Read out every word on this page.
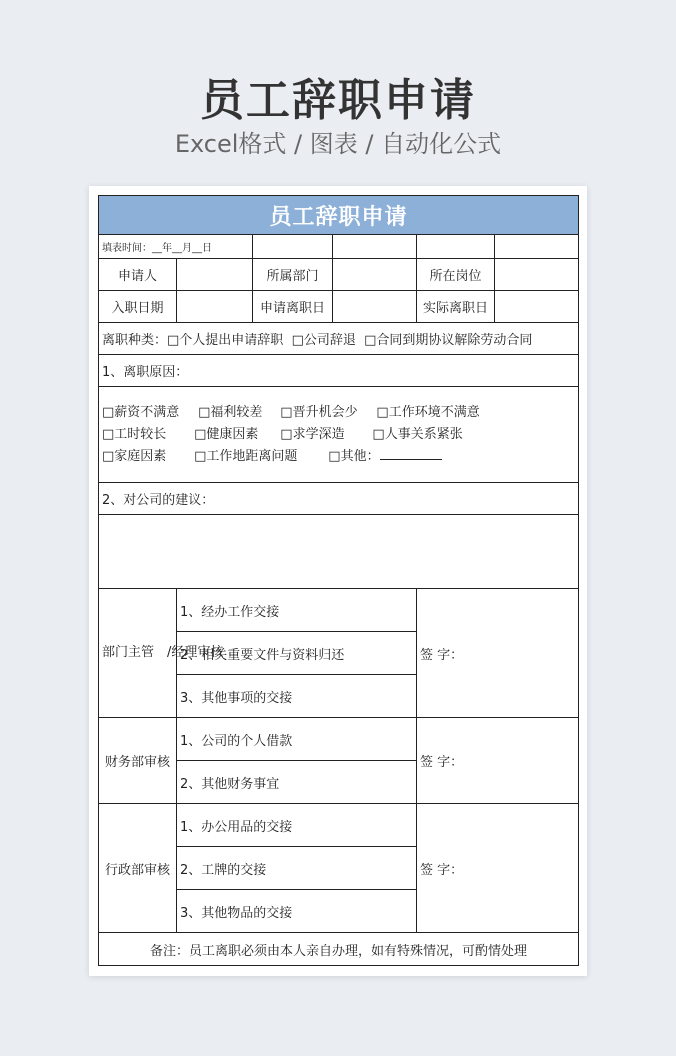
员工辞职申请
Excel格式 / 图表 / 自动化公式
员工辞职申请					
填表时间：__年__月__日					
申请人		所属部门		所在岗位	
入职日期		申请离职日		实际离职日	
离职种类：□个人提出申请辞职 □公司辞退 □合同到期协议解除劳动合同					
1、离职原因：					

□薪资不满意 □福利较差 □晋升机会少 □工作环境不满意
□工时较长 □健康因素 □求学深造 □人事关系紧张
□家庭因素 □工作地距离问题 □其他：					

2、对公司的建议：					

部门主管　/经理审核	1、经办工作交接			签 字：	
	2、相关重要文件与资料归还				
	3、其他事项的交接				
财务部审核	1、公司的个人借款			签 字：	
	2、其他财务事宜				
行政部审核	1、办公用品的交接			签 字：	
	2、工牌的交接				
	3、其他物品的交接				
备注：员工离职必须由本人亲自办理，如有特殊情况，可酌情处理					
